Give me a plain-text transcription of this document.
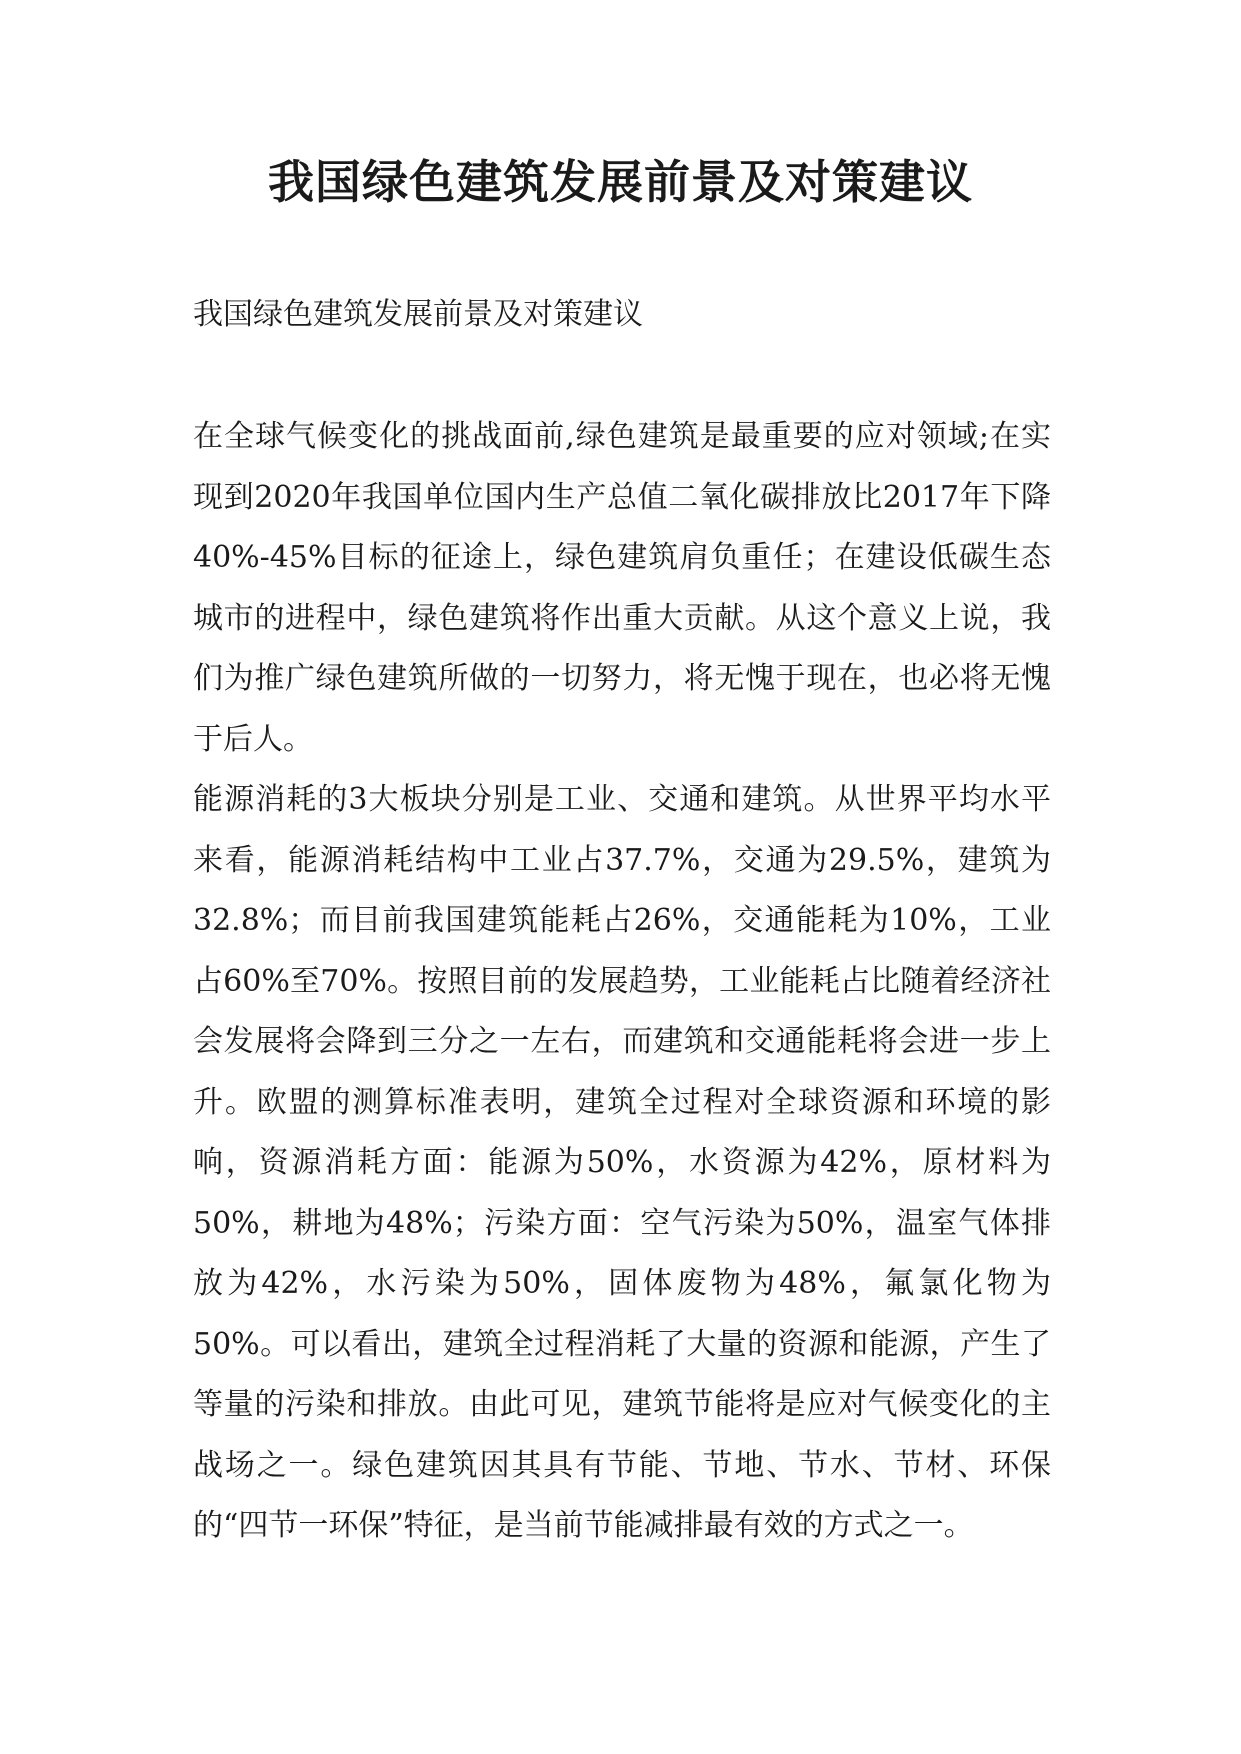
我国绿色建筑发展前景及对策建议
我国绿色建筑发展前景及对策建议

在全球气候变化的挑战面前,绿色建筑是最重要的应对领域;在实现到2020年我国单位国内生产总值二氧化碳排放比2017年下降40%-45%目标的征途上，绿色建筑肩负重任；在建设低碳生态城市的进程中，绿色建筑将作出重大贡献。从这个意义上说，我们为推广绿色建筑所做的一切努力，将无愧于现在，也必将无愧于后人。

能源消耗的3大板块分别是工业、交通和建筑。从世界平均水平来看，能源消耗结构中工业占37.7%，交通为29.5%，建筑为32.8%；而目前我国建筑能耗占26%，交通能耗为10%，工业占60%至70%。按照目前的发展趋势，工业能耗占比随着经济社会发展将会降到三分之一左右，而建筑和交通能耗将会进一步上升。欧盟的测算标准表明，建筑全过程对全球资源和环境的影响，资源消耗方面：能源为50%，水资源为42%，原材料为50%，耕地为48%；污染方面：空气污染为50%，温室气体排放为42%，水污染为50%，固体废物为48%，氟氯化物为50%。可以看出，建筑全过程消耗了大量的资源和能源，产生了等量的污染和排放。由此可见，建筑节能将是应对气候变化的主战场之一。绿色建筑因其具有节能、节地、节水、节材、环保的“四节一环保”特征，是当前节能减排最有效的方式之一。
